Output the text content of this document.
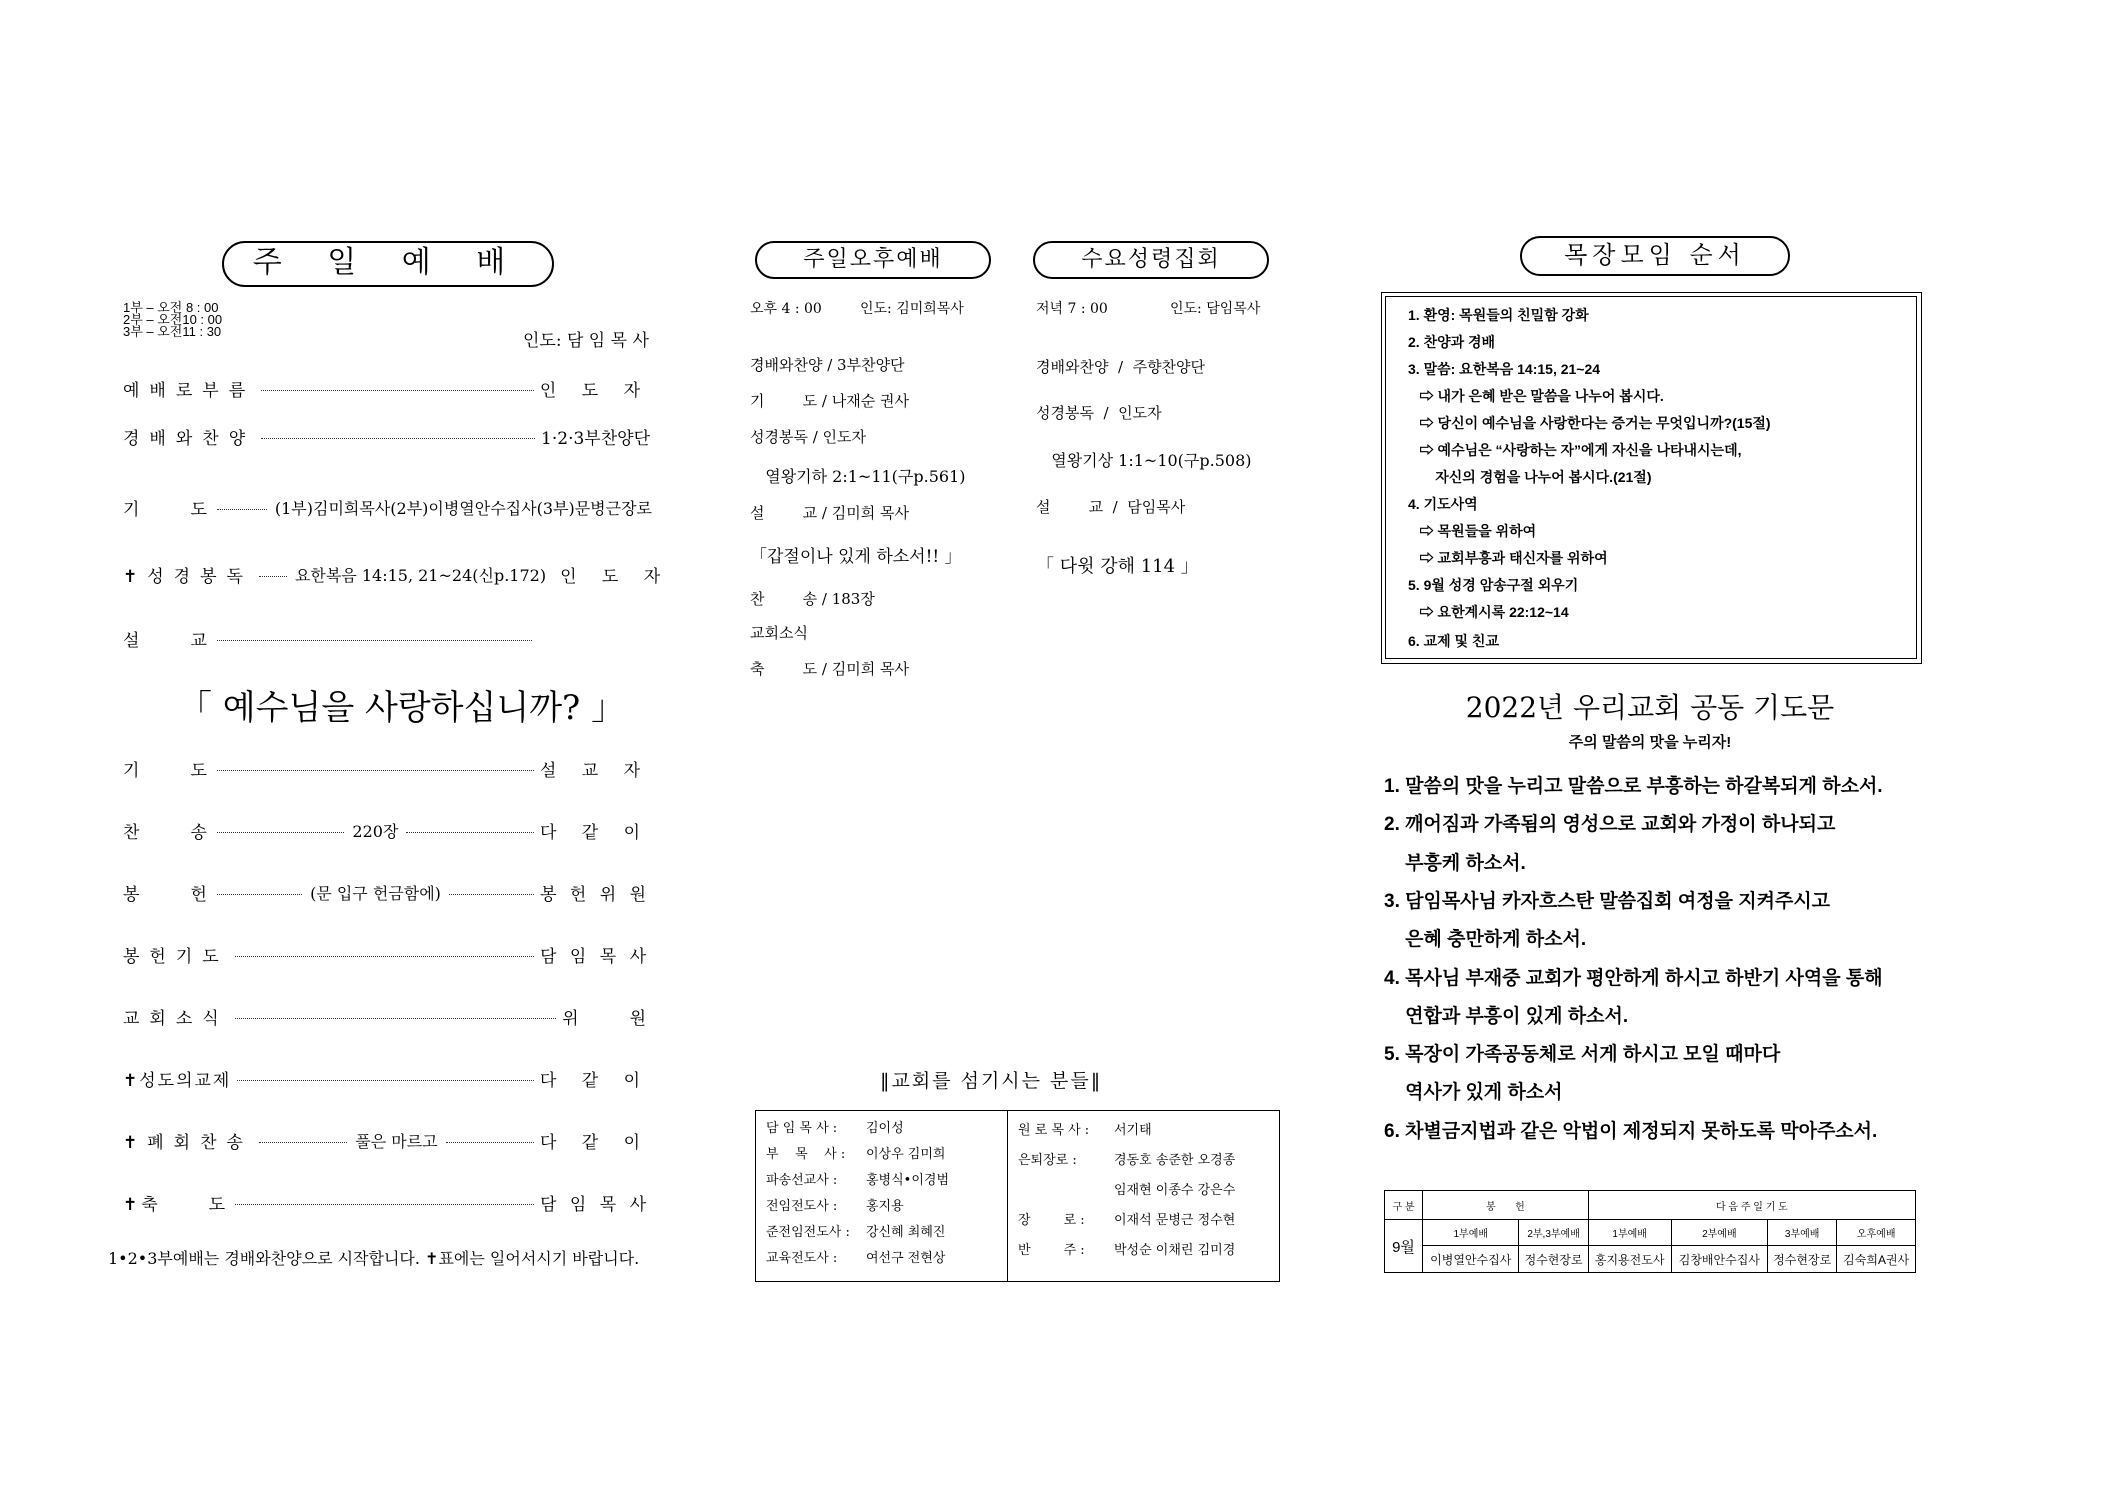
주 일 예 배
1부 – 오전 8 : 00
2부 – 오전10 : 00
3부 – 오전11 : 30	인도: 담 임 목 사
예배로부름	인 도 자
경배와찬양	1·2·3부찬양단
기     도	(1부)김미희목사(2부)이병열안수집사(3부)문병근장로
✝성경봉독	요한복음 14:15, 21~24(신p.172) 인 도 자
설     교
「 예수님을 사랑하십니까? 」
기     도	설 교 자
찬     송	220장	다 같 이
봉     헌	(문 입구 헌금함에)	봉 헌 위 원
봉헌기도	담 임 목 사
교회소식	위     원
✝성도의교제	다 같 이
✝폐회찬송	풀은 마르고	다 같 이
✝축     도	담 임 목 사
1•2•3부예배는 경배와찬양으로 시작합니다. ✝표에는 일어서시기 바랍니다.
주일오후예배	수요성령집회
오후 4 : 00	인도: 김미희목사
경배와찬양 / 3부찬양단
기        도 / 나재순 권사
성경봉독 / 인도자
열왕기하 2:1~11(구p.561)
설        교 / 김미희 목사
「갑절이나 있게 하소서!! 」
찬        송 / 183장
교회소식
축        도 / 김미희 목사
저녁 7 : 00	인도: 담임목사
경배와찬양  /  주향찬양단
성경봉독  /  인도자
열왕기상 1:1~10(구p.508)
설        교  /  담임목사
「 다윗 강해 114 」
‖교회를 섬기시는 분들‖
담 임 목 사 : 김이성
부    목    사 : 이상우 김미희
파송선교사 : 홍병식•이경범
전임전도사 : 홍지용
준전임전도사 : 강신혜 최혜진
교육전도사 : 여선구 전현상
원 로 목 사 : 서기태
은퇴장로 :	경동호 송준한 오경종
임재현 이종수 강은수
장        로 : 이재석 문병근 정수현
반        주 : 박성순 이채린 김미경
목장모임 순서
1. 환영: 목원들의 친밀함 강화
2. 찬양과 경배
3. 말씀: 요한복음 14:15, 21~24
⇨ 내가 은혜 받은 말씀을 나누어 봅시다.
⇨ 당신이 예수님을 사랑한다는 증거는 무엇입니까?(15절)
⇨ 예수님은 “사랑하는 자”에게 자신을 나타내시는데,
자신의 경험을 나누어 봅시다.(21절)
4. 기도사역
⇨ 목원들을 위하여
⇨ 교회부흥과 태신자를 위하여
5. 9월 성경 암송구절 외우기
⇨ 요한계시록 22:12~14
6. 교제 및 친교
2022년 우리교회 공동 기도문
주의 말씀의 맛을 누리자!
1. 말씀의 맛을 누리고 말씀으로 부흥하는 하갈복되게 하소서.
2. 깨어짐과 가족됨의 영성으로 교회와 가정이 하나되고
부흥케 하소서.
3. 담임목사님 카자흐스탄 말씀집회 여정을 지켜주시고
은혜 충만하게 하소서.
4. 목사님 부재중 교회가 평안하게 하시고 하반기 사역을 통해
연합과 부흥이 있게 하소서.
5. 목장이 가족공동체로 서게 하시고 모일 때마다
역사가 있게 하소서
6. 차별금지법과 같은 악법이 제정되지 못하도록 막아주소서.
구 분	봉       헌		다 음 주 일 기 도			
9월	1부예배	2부,3부예배	1부예배	2부예배	3부예배	오후예배
	이병열안수집사	정수현장로	홍지용전도사	김창배안수집사	정수현장로	김숙희A권사
